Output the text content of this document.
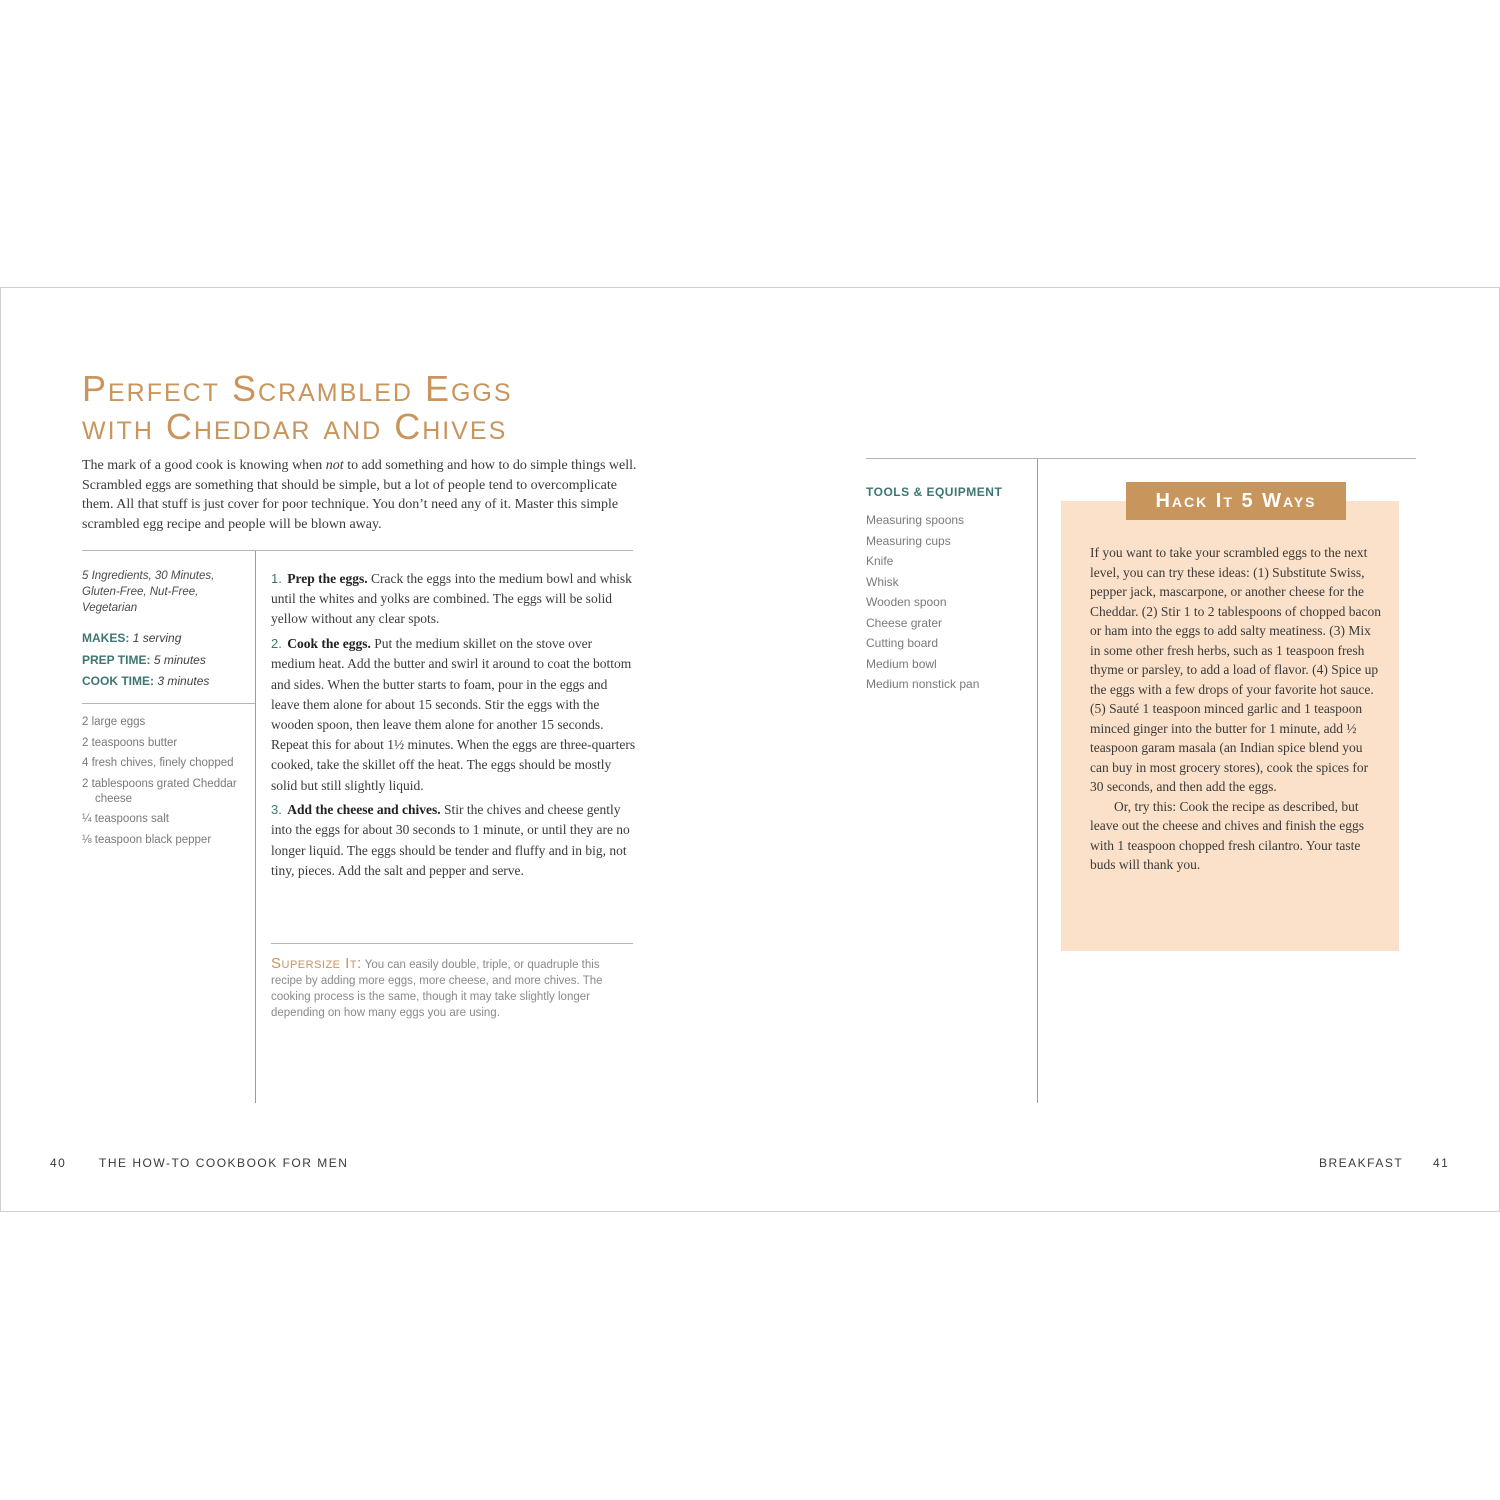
Perfect Scrambled Eggs
with Cheddar and Chives

The mark of a good cook is knowing when not to add something and how to do simple things well. Scrambled eggs are something that should be simple, but a lot of people tend to overcomplicate them. All that stuff is just cover for poor technique. You don’t need any of it. Master this simple scrambled egg recipe and people will be blown away.

5 Ingredients, 30 Minutes, Gluten-Free, Nut-Free, Vegetarian

MAKES: 1 serving
PREP TIME: 5 minutes
COOK TIME: 3 minutes
2 large eggs
2 teaspoons butter
4 fresh chives, finely chopped
2 tablespoons grated Cheddar cheese
¼ teaspoons salt
⅛ teaspoon black pepper
1. Prep the eggs. Crack the eggs into the medium bowl and whisk until the whites and yolks are combined. The eggs will be solid yellow without any clear spots.
2. Cook the eggs. Put the medium skillet on the stove over medium heat. Add the butter and swirl it around to coat the bottom and sides. When the butter starts to foam, pour in the eggs and leave them alone for about 15 seconds. Stir the eggs with the wooden spoon, then leave them alone for another 15 seconds. Repeat this for about 1½ minutes. When the eggs are three-quarters cooked, take the skillet off the heat. The eggs should be mostly solid but still slightly liquid.
3. Add the cheese and chives. Stir the chives and cheese gently into the eggs for about 30 seconds to 1 minute, or until they are no longer liquid. The eggs should be tender and fluffy and in big, not tiny, pieces. Add the salt and pepper and serve.

Supersize It: You can easily double, triple, or quadruple this recipe by adding more eggs, more cheese, and more chives. The cooking process is the same, though it may take slightly longer depending on how many eggs you are using.

TOOLS & EQUIPMENT
Measuring spoons
Measuring cups
Knife
Whisk
Wooden spoon
Cheese grater
Cutting board
Medium bowl
Medium nonstick pan
Hack It 5 Ways

If you want to take your scrambled eggs to the next level, you can try these ideas: (1) Substitute Swiss, pepper jack, mascarpone, or another cheese for the Cheddar. (2) Stir 1 to 2 tablespoons of chopped bacon or ham into the eggs to add salty meatiness. (3) Mix in some other fresh herbs, such as 1 teaspoon fresh thyme or parsley, to add a load of flavor. (4) Spice up the eggs with a few drops of your favorite hot sauce. (5) Sauté 1 teaspoon minced garlic and 1 teaspoon minced ginger into the butter for 1 minute, add ½ teaspoon garam masala (an Indian spice blend you can buy in most grocery stores), cook the spices for 30 seconds, and then add the eggs.

Or, try this: Cook the recipe as described, but leave out the cheese and chives and finish the eggs with 1 teaspoon chopped fresh cilantro. Your taste buds will thank you.

40	THE HOW-TO COOKBOOK FOR MEN	BREAKFAST 41
